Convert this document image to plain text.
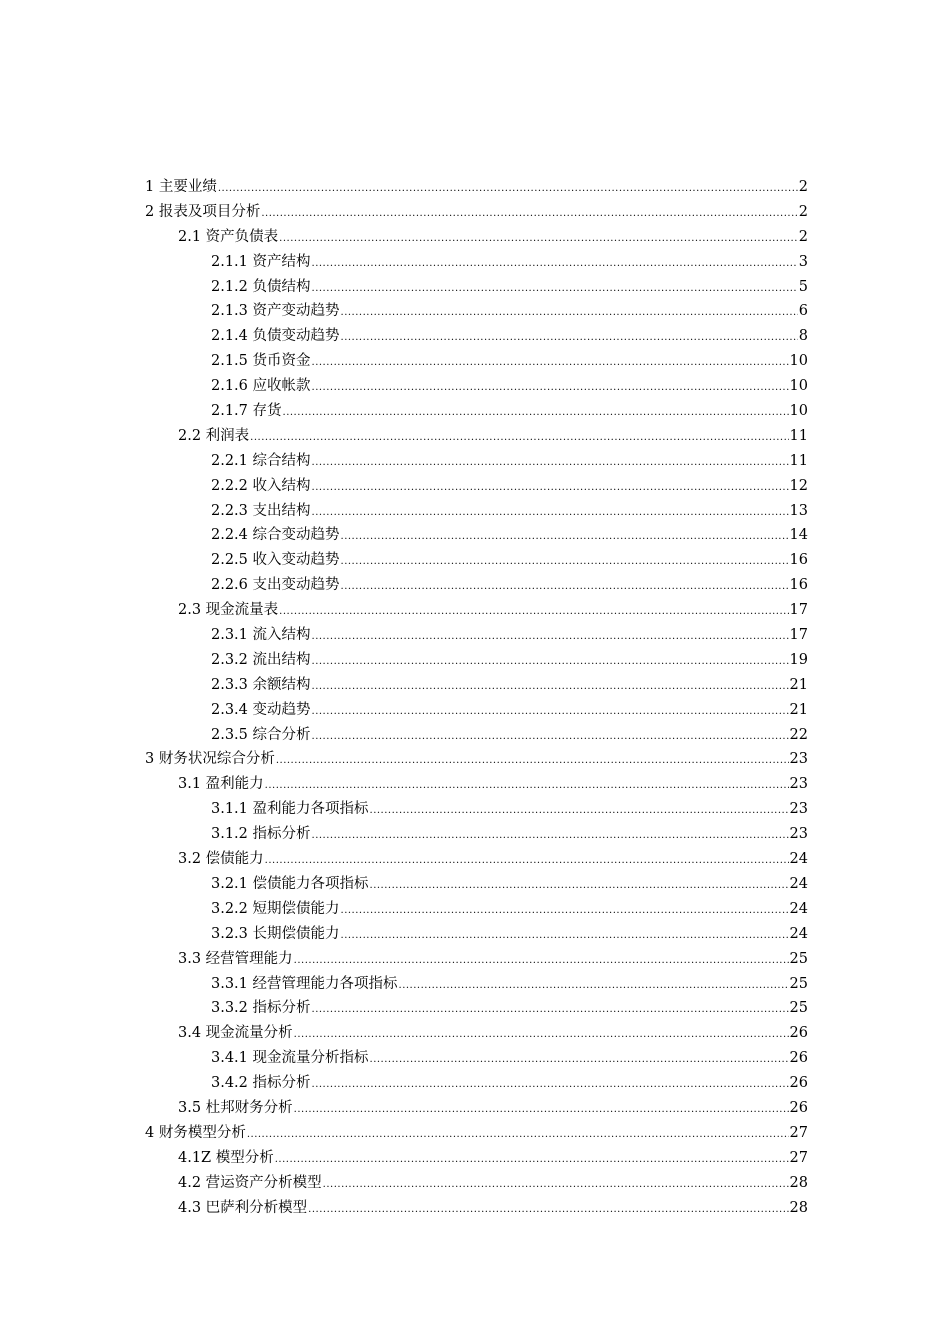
1 主要业绩 .....	2
2 报表及项目分析 .....	2
2.1 资产负债表 .....	2
2.1.1 资产结构 .....	3
2.1.2 负债结构 .....	5
2.1.3 资产变动趋势 .....	6
2.1.4 负债变动趋势 .....	8
2.1.5 货币资金 .....	10
2.1.6 应收帐款 .....	10
2.1.7 存货 .....	10
2.2 利润表 .....	11
2.2.1 综合结构 .....	11
2.2.2 收入结构 .....	12
2.2.3 支出结构 .....	13
2.2.4 综合变动趋势 .....	14
2.2.5 收入变动趋势 .....	16
2.2.6 支出变动趋势 .....	16
2.3 现金流量表 .....	17
2.3.1 流入结构 .....	17
2.3.2 流出结构 .....	19
2.3.3 余额结构 .....	21
2.3.4 变动趋势 .....	21
2.3.5 综合分析 .....	22
3 财务状况综合分析 .....	23
3.1 盈利能力 .....	23
3.1.1 盈利能力各项指标 .....	23
3.1.2 指标分析 .....	23
3.2 偿债能力 .....	24
3.2.1 偿债能力各项指标 .....	24
3.2.2 短期偿债能力 .....	24
3.2.3 长期偿债能力 .....	24
3.3 经营管理能力 .....	25
3.3.1 经营管理能力各项指标 .....	25
3.3.2 指标分析 .....	25
3.4 现金流量分析 .....	26
3.4.1 现金流量分析指标 .....	26
3.4.2 指标分析 .....	26
3.5 杜邦财务分析 .....	26
4 财务模型分析 .....	27
4.1Z 模型分析 .....	27
4.2 营运资产分析模型 .....	28
4.3 巴萨利分析模型 .....	28
